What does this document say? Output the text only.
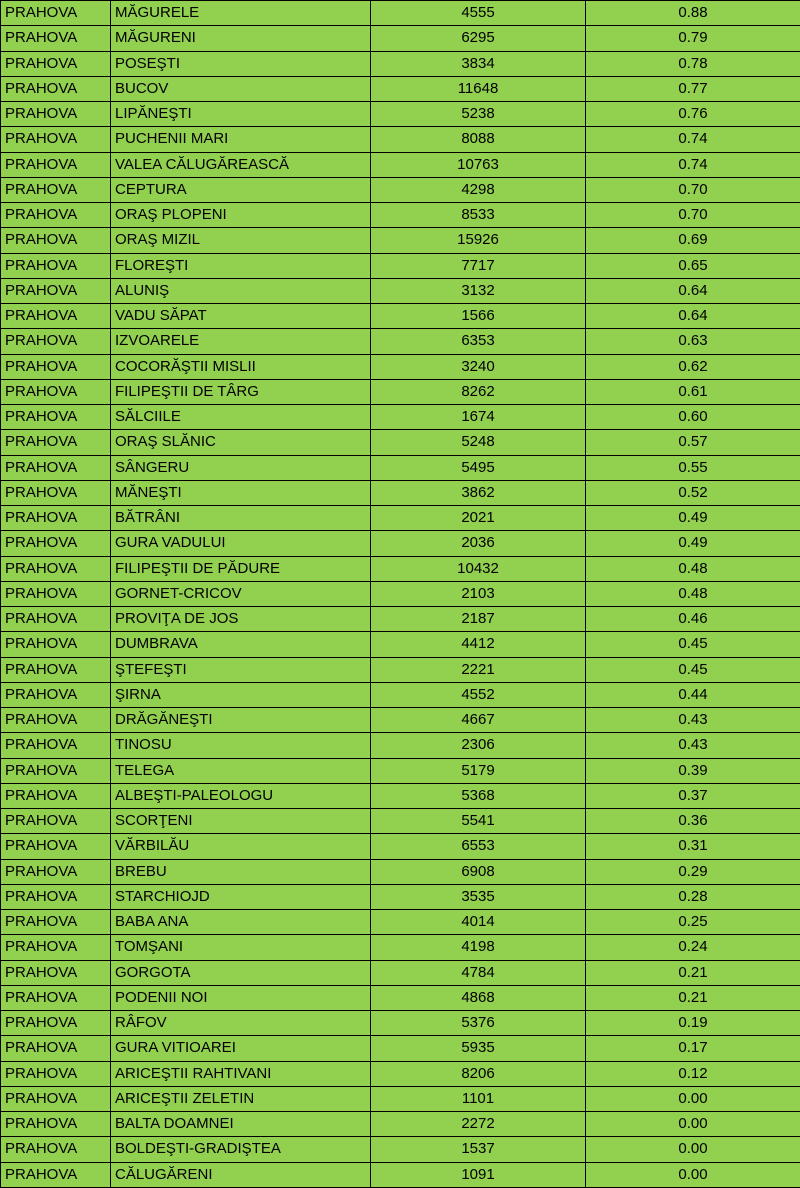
PRAHOVA	MĂGURELE	4555	0.88
PRAHOVA	MĂGURENI	6295	0.79
PRAHOVA	POSEŞTI	3834	0.78
PRAHOVA	BUCOV	11648	0.77
PRAHOVA	LIPĂNEŞTI	5238	0.76
PRAHOVA	PUCHENII MARI	8088	0.74
PRAHOVA	VALEA CĂLUGĂREASCĂ	10763	0.74
PRAHOVA	CEPTURA	4298	0.70
PRAHOVA	ORAŞ PLOPENI	8533	0.70
PRAHOVA	ORAŞ MIZIL	15926	0.69
PRAHOVA	FLOREŞTI	7717	0.65
PRAHOVA	ALUNIŞ	3132	0.64
PRAHOVA	VADU SĂPAT	1566	0.64
PRAHOVA	IZVOARELE	6353	0.63
PRAHOVA	COCORĂŞTII MISLII	3240	0.62
PRAHOVA	FILIPEŞTII DE TÂRG	8262	0.61
PRAHOVA	SĂLCIILE	1674	0.60
PRAHOVA	ORAŞ SLĂNIC	5248	0.57
PRAHOVA	SÂNGERU	5495	0.55
PRAHOVA	MĂNEŞTI	3862	0.52
PRAHOVA	BĂTRÂNI	2021	0.49
PRAHOVA	GURA VADULUI	2036	0.49
PRAHOVA	FILIPEŞTII DE PĂDURE	10432	0.48
PRAHOVA	GORNET-CRICOV	2103	0.48
PRAHOVA	PROVIŢA DE JOS	2187	0.46
PRAHOVA	DUMBRAVA	4412	0.45
PRAHOVA	ŞTEFEŞTI	2221	0.45
PRAHOVA	ŞIRNA	4552	0.44
PRAHOVA	DRĂGĂNEŞTI	4667	0.43
PRAHOVA	TINOSU	2306	0.43
PRAHOVA	TELEGA	5179	0.39
PRAHOVA	ALBEŞTI-PALEOLOGU	5368	0.37
PRAHOVA	SCORŢENI	5541	0.36
PRAHOVA	VĂRBILĂU	6553	0.31
PRAHOVA	BREBU	6908	0.29
PRAHOVA	STARCHIOJD	3535	0.28
PRAHOVA	BABA ANA	4014	0.25
PRAHOVA	TOMŞANI	4198	0.24
PRAHOVA	GORGOTA	4784	0.21
PRAHOVA	PODENII NOI	4868	0.21
PRAHOVA	RÂFOV	5376	0.19
PRAHOVA	GURA VITIOAREI	5935	0.17
PRAHOVA	ARICEŞTII RAHTIVANI	8206	0.12
PRAHOVA	ARICEŞTII ZELETIN	1101	0.00
PRAHOVA	BALTA DOAMNEI	2272	0.00
PRAHOVA	BOLDEŞTI-GRADIŞTEA	1537	0.00
PRAHOVA	CĂLUGĂRENI	1091	0.00
